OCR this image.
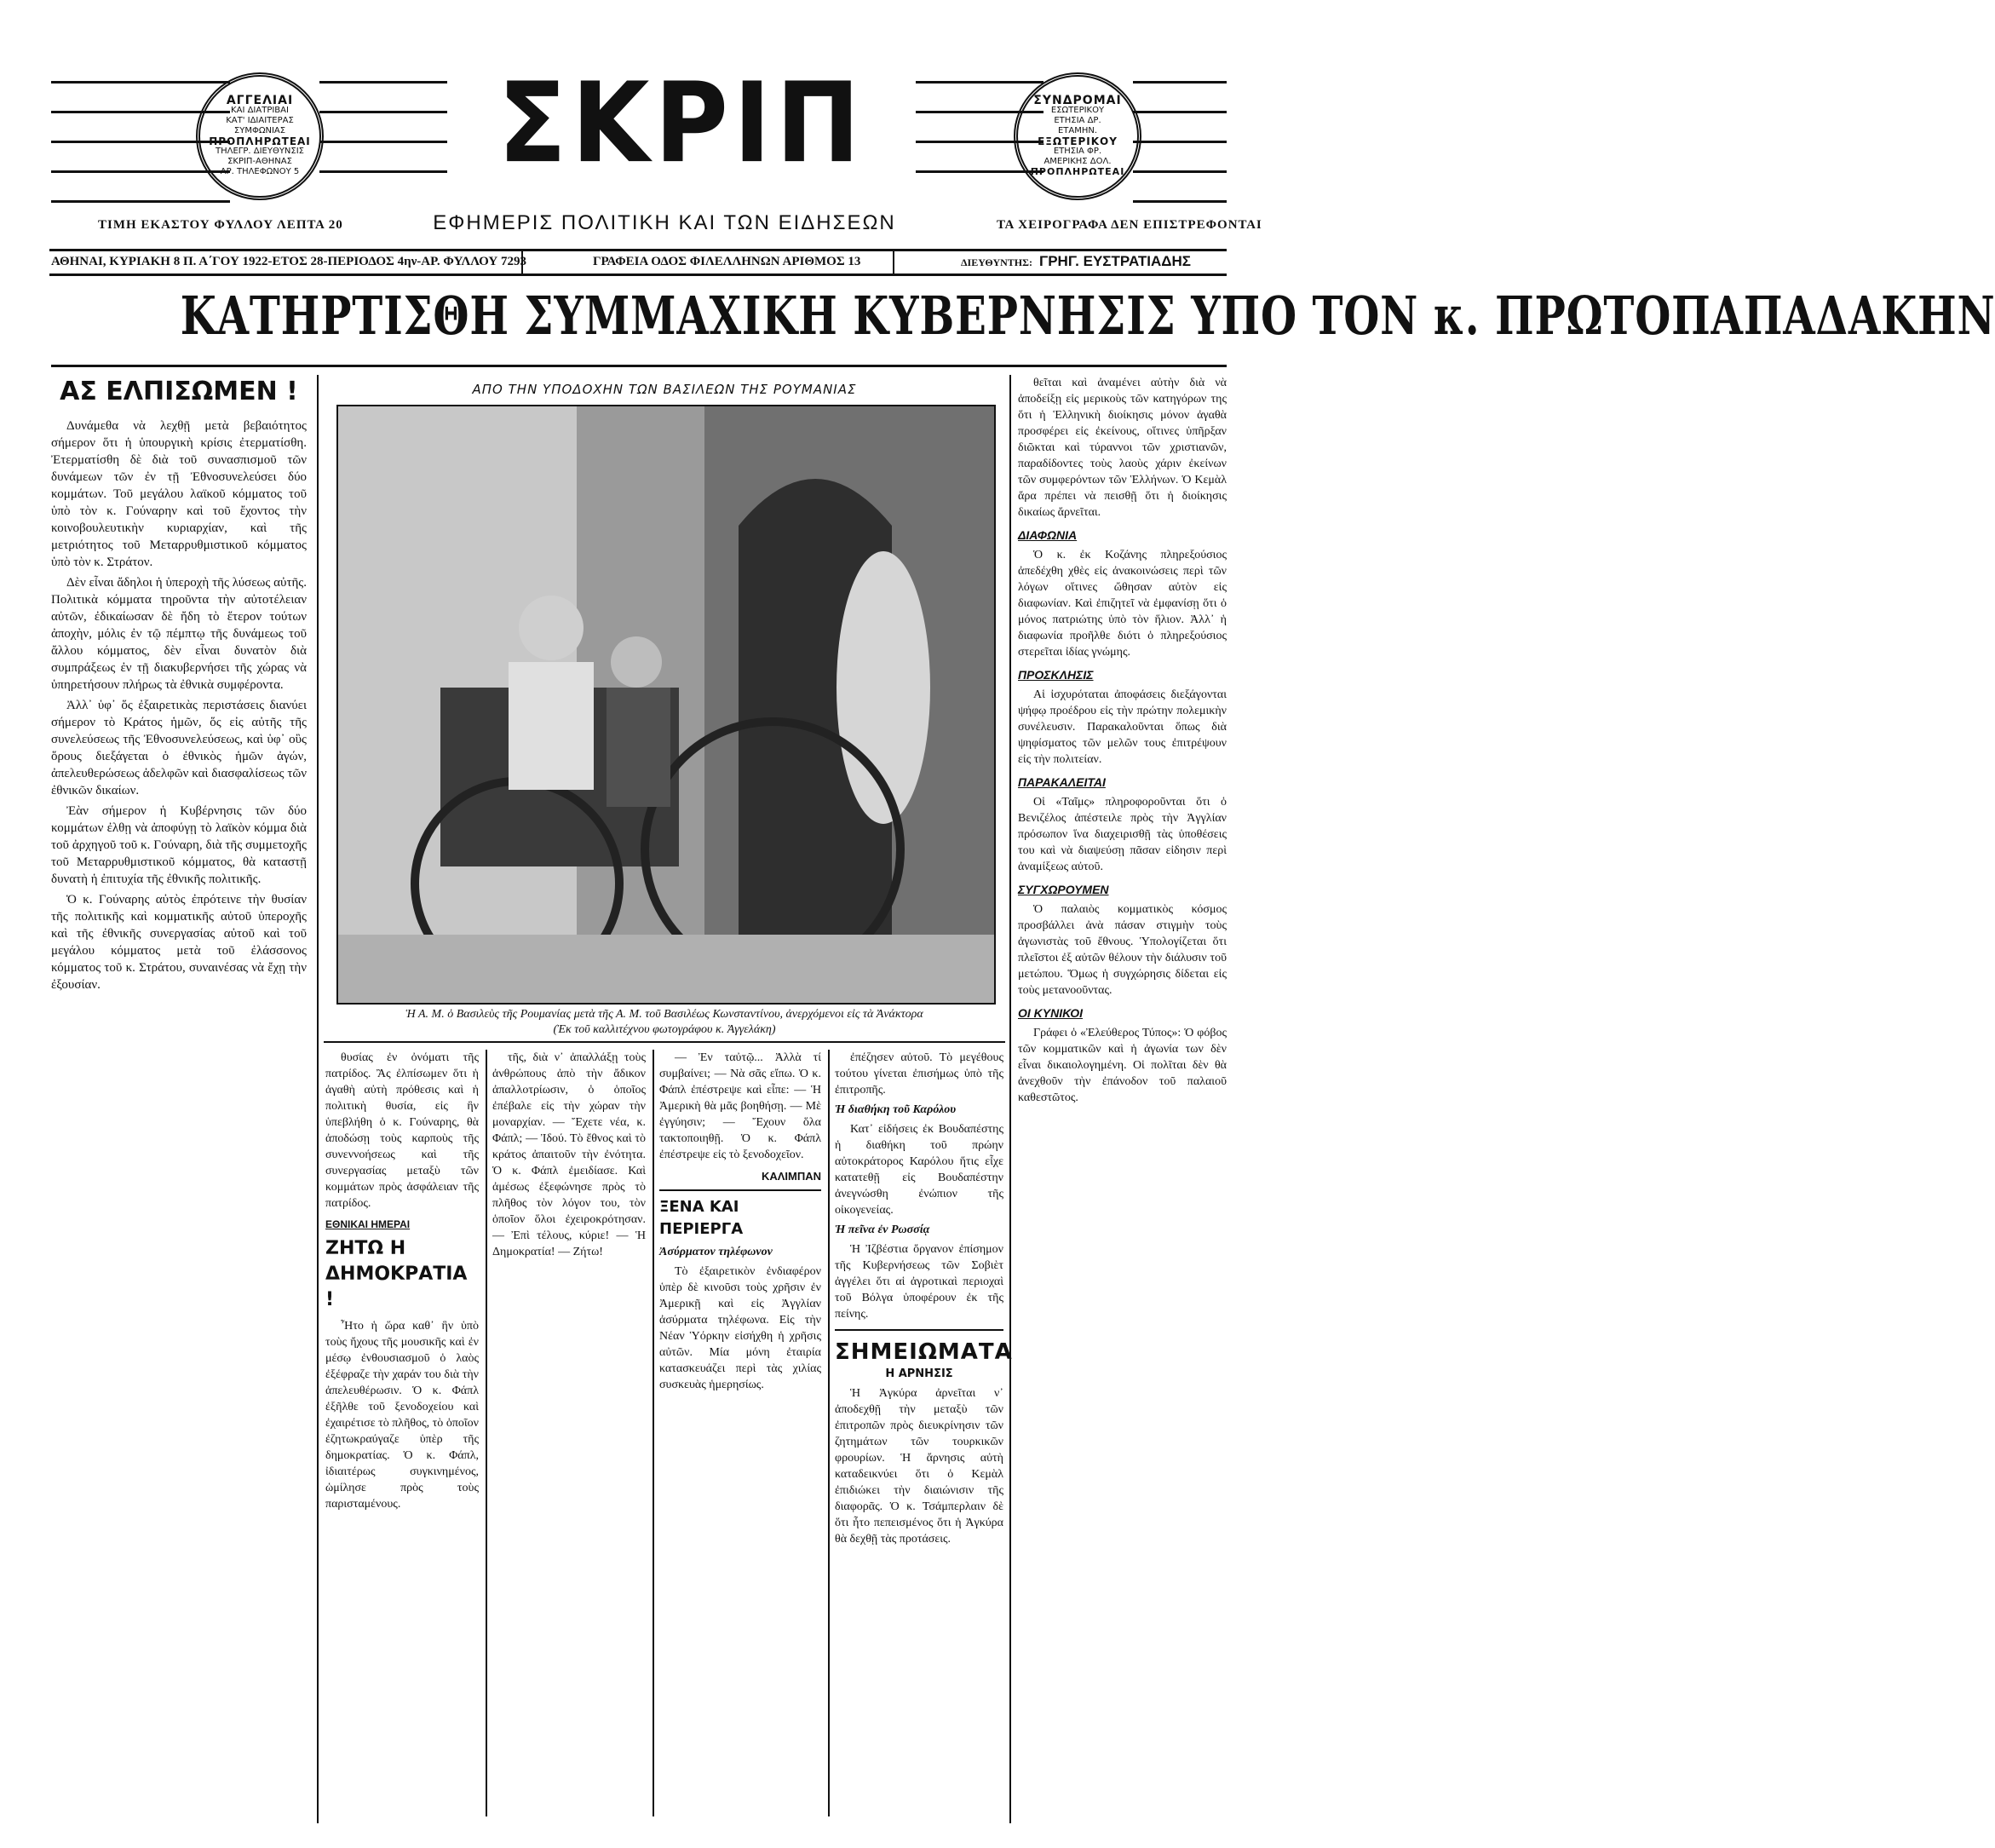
ΑΓΓΕΛΙΑΙ
ΚΑΙ ΔΙΑΤΡΙΒΑΙ
ΚΑΤ' ΙΔΙΑΙΤΕΡΑΣ
ΣΥΜΦΩΝΙΑΣ
ΠΡΟΠΛΗΡΩΤΕΑΙ
ΤΗΛΕΓΡ. ΔΙΕΥΘΥΝΣΙΣ
ΣΚΡΙΠ-ΑΘΗΝΑΣ
ΑΡ. ΤΗΛΕΦΩΝΟΥ 5	ΣΚΡΙΠ	ΣΥΝΔΡΟΜΑΙ
ΕΣΩΤΕΡΙΚΟΥ
ΕΤΗΣΙΑ ΔΡ.
ΕΤΑΜΗΝ.
ΕΞΩΤΕΡΙΚΟΥ
ΕΤΗΣΙΑ ΦΡ.
ΑΜΕΡΙΚΗΣ ΔΟΛ.
ΠΡΟΠΛΗΡΩΤΕΑΙ
ΤΙΜΗ ΕΚΑΣΤΟΥ ΦΥΛΛΟΥ ΛΕΠΤΑ 20	ΕΦΗΜΕΡΙΣ ΠΟΛΙΤΙΚΗ ΚΑΙ ΤΩΝ ΕΙΔΗΣΕΩΝ	ΤΑ ΧΕΙΡΟΓΡΑΦΑ ΔΕΝ ΕΠΙΣΤΡΕΦΟΝΤΑΙ
ΑΘΗΝΑΙ, ΚΥΡΙΑΚΗ 8 Π. Α΄ΓΟΥ 1922-ΕΤΟΣ 28-ΠΕΡΙΟΔΟΣ 4ην-ΑΡ. ΦΥΛΛΟΥ 7293	ΓΡΑΦΕΙΑ ΟΔΟΣ ΦΙΛΕΛΛΗΝΩΝ ΑΡΙΘΜΟΣ 13	ΔΙΕΥΘΥΝΤΗΣ: ΓΡΗΓ. ΕΥΣΤΡΑΤΙΑΔΗΣ
ΚΑΤΗΡΤΙΣΘΗ ΣΥΜΜΑΧΙΚΗ ΚΥΒΕΡΝΗΣΙΣ ΥΠΟ ΤΟΝ κ. ΠΡΩΤΟΠΑΠΑΔΑΚΗΝ
ΑΣ ΕΛΠΙΣΩΜΕΝ !

Δυνάμεθα νὰ λεχθῇ μετὰ βεβαιότητος σήμερον ὅτι ἡ ὑπουργικὴ κρίσις ἐτερματίσθη. Ἐτερματίσθη δὲ διὰ τοῦ συνασπισμοῦ τῶν δυνάμεων τῶν ἐν τῇ Ἐθνοσυνελεύσει δύο κομμάτων. Τοῦ μεγάλου λαϊκοῦ κόμματος τοῦ ὑπὸ τὸν κ. Γούναρην καὶ τοῦ ἔχοντος τὴν κοινοβουλευτικὴν κυριαρχίαν, καὶ τῆς μετριότητος τοῦ Μεταρρυθμιστικοῦ κόμματος ὑπὸ τὸν κ. Στράτον.

Δὲν εἶναι ἄδηλοι ἡ ὑπεροχὴ τῆς λύσεως αὐτῆς. Πολιτικὰ κόμματα τηροῦντα τὴν αὐτοτέλειαν αὐτῶν, ἐδικαίωσαν δὲ ἤδη τὸ ἕτερον τούτων ἀποχὴν, μόλις ἐν τῷ πέμπτῳ τῆς δυνάμεως τοῦ ἄλλου κόμματος, δὲν εἶναι δυνατὸν διὰ συμπράξεως ἐν τῇ διακυβερνήσει τῆς χώρας νὰ ὑπηρετήσουν πλήρως τὰ ἐθνικὰ συμφέροντα.

Ἀλλ᾽ ὑφ᾽ ὅς ἐξαιρετικὰς περιστάσεις διανύει σήμερον τὸ Κράτος ἡμῶν, ὅς εἰς αὐτῆς τῆς συνελεύσεως τῆς Ἐθνοσυνελεύσεως, καὶ ὑφ᾽ οὓς ὅρους διεξάγεται ὁ ἐθνικὸς ἡμῶν ἀγών, ἀπελευθερώσεως ἀδελφῶν καὶ διασφαλίσεως τῶν ἐθνικῶν δικαίων.

Ἐὰν σήμερον ἡ Κυβέρνησις τῶν δύο κομμάτων ἐλθῃ νὰ ἀποφύγῃ τὸ λαϊκὸν κόμμα διὰ τοῦ ἀρχηγοῦ τοῦ κ. Γούναρη, διὰ τῆς συμμετοχῆς τοῦ Μεταρρυθμιστικοῦ κόμματος, θὰ καταστῇ δυνατὴ ἡ ἐπιτυχία τῆς ἐθνικῆς πολιτικῆς.

Ὁ κ. Γούναρης αὐτὸς ἐπρότεινε τὴν θυσίαν τῆς πολιτικῆς καὶ κομματικῆς αὐτοῦ ὑπεροχῆς καὶ τῆς ἐθνικῆς συνεργασίας αὐτοῦ καὶ τοῦ μεγάλου κόμματος μετὰ τοῦ ἐλάσσονος κόμματος τοῦ κ. Στράτου, συναινέσας νὰ ἔχῃ τὴν ἐξουσίαν.

ΑΠΟ ΤΗΝ ΥΠΟΔΟΧΗΝ ΤΩΝ ΒΑΣΙΛΕΩΝ ΤΗΣ ΡΟΥΜΑΝΙΑΣ
Ἡ Α. Μ. ὁ Βασιλεὺς τῆς Ρουμανίας μετὰ τῆς Α. Μ. τοῦ Βασιλέως Κωνσταντίνου, ἀνερχόμενοι εἰς τὰ Ἀνάκτορα
(Ἐκ τοῦ καλλιτέχνου φωτογράφου κ. Ἀγγελάκη)

θεῖται καὶ ἀναμένει αὐτὴν διὰ νὰ ἀποδείξῃ εἰς μερικοὺς τῶν κατηγόρων της ὅτι ἡ Ἑλληνικὴ διοίκησις μόνον ἀγαθὰ προσφέρει εἰς ἐκείνους, οἵτινες ὑπῆρξαν διῶκται καὶ τύραννοι τῶν χριστιανῶν, παραδίδοντες τοὺς λαοὺς χάριν ἐκείνων τῶν συμφερόντων τῶν Ἑλλήνων. Ὁ Κεμὰλ ἄρα πρέπει νὰ πεισθῇ ὅτι ἡ διοίκησις δικαίως ἄρνεῖται.

ΔΙΑΦΩΝΙΑ

Ὁ κ. ἐκ Κοζάνης πληρεξούσιος ἀπεδέχθη χθὲς εἰς ἀνακοινώσεις περὶ τῶν λόγων οἵτινες ὤθησαν αὐτὸν εἰς διαφωνίαν. Καὶ ἐπιζητεῖ νὰ ἐμφανίσῃ ὅτι ὁ μόνος πατριώτης ὑπὸ τὸν ἥλιον. Ἀλλ᾽ ἡ διαφωνία προῆλθε διότι ὁ πληρεξούσιος στερεῖται ἰδίας γνώμης.

ΠΡΟΣΚΛΗΣΙΣ

Αἱ ἰσχυρόταται ἀποφάσεις διεξάγονται ψήφῳ προέδρου εἰς τὴν πρώτην πολεμικὴν συνέλευσιν. Παρακαλοῦνται ὅπως διὰ ψηφίσματος τῶν μελῶν τους ἐπιτρέψουν εἰς τὴν πολιτείαν.

ΠΑΡΑΚΑΛΕΙΤΑΙ

Οἱ «Ταῖμς» πληροφοροῦνται ὅτι ὁ Βενιζέλος ἀπέστειλε πρὸς τὴν Ἀγγλίαν πρόσωπον ἵνα διαχειρισθῇ τὰς ὑποθέσεις του καὶ νὰ διαψεύσῃ πᾶσαν εἰδησιν περὶ ἀναμίξεως αὐτοῦ.

ΣΥΓΧΩΡΟΥΜΕΝ

Ὁ παλαιὸς κομματικὸς κόσμος προσβάλλει ἀνὰ πάσαν στιγμὴν τοὺς ἀγωνιστὰς τοῦ ἔθνους. Ὑπολογίζεται ὅτι πλεῖστοι ἐξ αὐτῶν θέλουν τὴν διάλυσιν τοῦ μετώπου. Ὅμως ἡ συγχώρησις δίδεται εἰς τοὺς μετανοοῦντας.

ΟΙ ΚΥΝΙΚΟΙ

Γράφει ὁ «Ἐλεύθερος Τύπος»: Ὁ φόβος τῶν κομματικῶν καὶ ἡ ἀγωνία των δὲν εἶναι δικαιολογημένη. Οἱ πολῖται δὲν θὰ ἀνεχθοῦν τὴν ἐπάνοδον τοῦ παλαιοῦ καθεστῶτος.

θυσίας ἐν ὀνόματι τῆς πατρίδος. Ἂς ἐλπίσωμεν ὅτι ἡ ἀγαθὴ αὐτὴ πρόθεσις καὶ ἡ πολιτικὴ θυσία, εἰς ἣν ὑπεβλήθη ὁ κ. Γούναρης, θὰ ἀποδώσῃ τοὺς καρποὺς τῆς συνεννοήσεως καὶ τῆς συνεργασίας μεταξὺ τῶν κομμάτων πρὸς ἀσφάλειαν τῆς πατρίδος.

ΕΘΝΙΚΑΙ ΗΜΕΡΑΙ
ΖΗΤΩ Η ΔΗΜΟΚΡΑΤΙΑ !

Ἦτο ἡ ὥρα καθ᾽ ἣν ὑπὸ τοὺς ἤχους τῆς μουσικῆς καὶ ἐν μέσῳ ἐνθουσιασμοῦ ὁ λαὸς ἐξέφραζε τὴν χαράν του διὰ τὴν ἀπελευθέρωσιν. Ὁ κ. Φάπλ ἐξῆλθε τοῦ ξενοδοχείου καὶ ἐχαιρέτισε τὸ πλῆθος, τὸ ὁποῖον ἐζητωκραύγαζε ὑπὲρ τῆς δημοκρατίας. Ὁ κ. Φάπλ, ἰδιαιτέρως συγκινημένος, ὡμίλησε πρὸς τοὺς παρισταμένους.

τῆς, διὰ ν᾽ ἀπαλλάξῃ τοὺς ἀνθρώπους ἀπὸ τὴν ἄδικον ἀπαλλοτρίωσιν, ὁ ὁποῖος ἐπέβαλε εἰς τὴν χώραν τὴν μοναρχίαν. — Ἔχετε νέα, κ. Φάπλ; — Ἰδού. Τὸ ἔθνος καὶ τὸ κράτος ἀπαιτοῦν τὴν ἐνότητα. Ὁ κ. Φάπλ ἐμειδίασε. Καὶ ἀμέσως ἐξεφώνησε πρὸς τὸ πλῆθος τὸν λόγον του, τὸν ὁποῖον ὅλοι ἐχειροκρότησαν. — Ἐπὶ τέλους, κύριε! — Ἡ Δημοκρατία! — Ζήτω!

— Ἐν ταὐτῷ... Ἀλλὰ τί συμβαίνει; — Νὰ σᾶς εἴπω. Ὁ κ. Φάπλ ἐπέστρεψε καὶ εἶπε: — Ἡ Ἀμερικὴ θὰ μᾶς βοηθήσῃ. — Μὲ ἐγγύησιν; — Ἔχουν ὅλα τακτοποιηθῇ. Ὁ κ. Φάπλ ἐπέστρεψε εἰς τὸ ξενοδοχεῖον.

ΚΑΛΙΜΠΑΝ
ΞΕΝΑ ΚΑΙ ΠΕΡΙΕΡΓΑ
Ἀσύρματον τηλέφωνον

Τὸ ἐξαιρετικὸν ἐνδιαφέρον ὑπὲρ δὲ κινοῦσι τοὺς χρῆσιν ἐν Ἀμερικῇ καὶ εἰς Ἀγγλίαν ἀσύρματα τηλέφωνα. Εἰς τὴν Νέαν Ὑόρκην εἰσήχθη ἡ χρῆσις αὐτῶν. Μία μόνη ἐταιρία κατασκευάζει περὶ τὰς χιλίας συσκευὰς ἡμερησίως.

ἐπέζησεν αὐτοῦ. Τὸ μεγέθους τούτου γίνεται ἐπισήμως ὑπὸ τῆς ἐπιτροπῆς.

Ἡ διαθήκη τοῦ Καρόλου

Κατ᾽ εἰδήσεις ἐκ Βουδαπέστης ἡ διαθήκη τοῦ πρώην αὐτοκράτορος Καρόλου ἥτις εἶχε κατατεθῇ εἰς Βουδαπέστην ἀνεγνώσθη ἐνώπιον τῆς οἰκογενείας.

Ἡ πεῖνα ἐν Ρωσσίᾳ

Ἡ Ἰζβέστια ὄργανον ἐπίσημον τῆς Κυβερνήσεως τῶν Σοβιὲτ ἀγγέλει ὅτι αἱ ἀγροτικαὶ περιοχαὶ τοῦ Βόλγα ὑποφέρουν ἐκ τῆς πείνης.

ΣΗΜΕΙΩΜΑΤΑ
Η ΑΡΝΗΣΙΣ

Ἡ Ἀγκύρα ἀρνεῖται ν᾽ ἀποδεχθῇ τὴν μεταξὺ τῶν ἐπιτροπῶν πρὸς διευκρίνησιν τῶν ζητημάτων τῶν τουρκικῶν φρουρίων. Ἡ ἄρνησις αὐτὴ καταδεικνύει ὅτι ὁ Κεμὰλ ἐπιδιώκει τὴν διαιώνισιν τῆς διαφορᾶς. Ὁ κ. Τσάμπερλαιν δὲ ὅτι ἦτο πεπεισμένος ὅτι ἡ Ἀγκύρα θὰ δεχθῇ τὰς προτάσεις.
